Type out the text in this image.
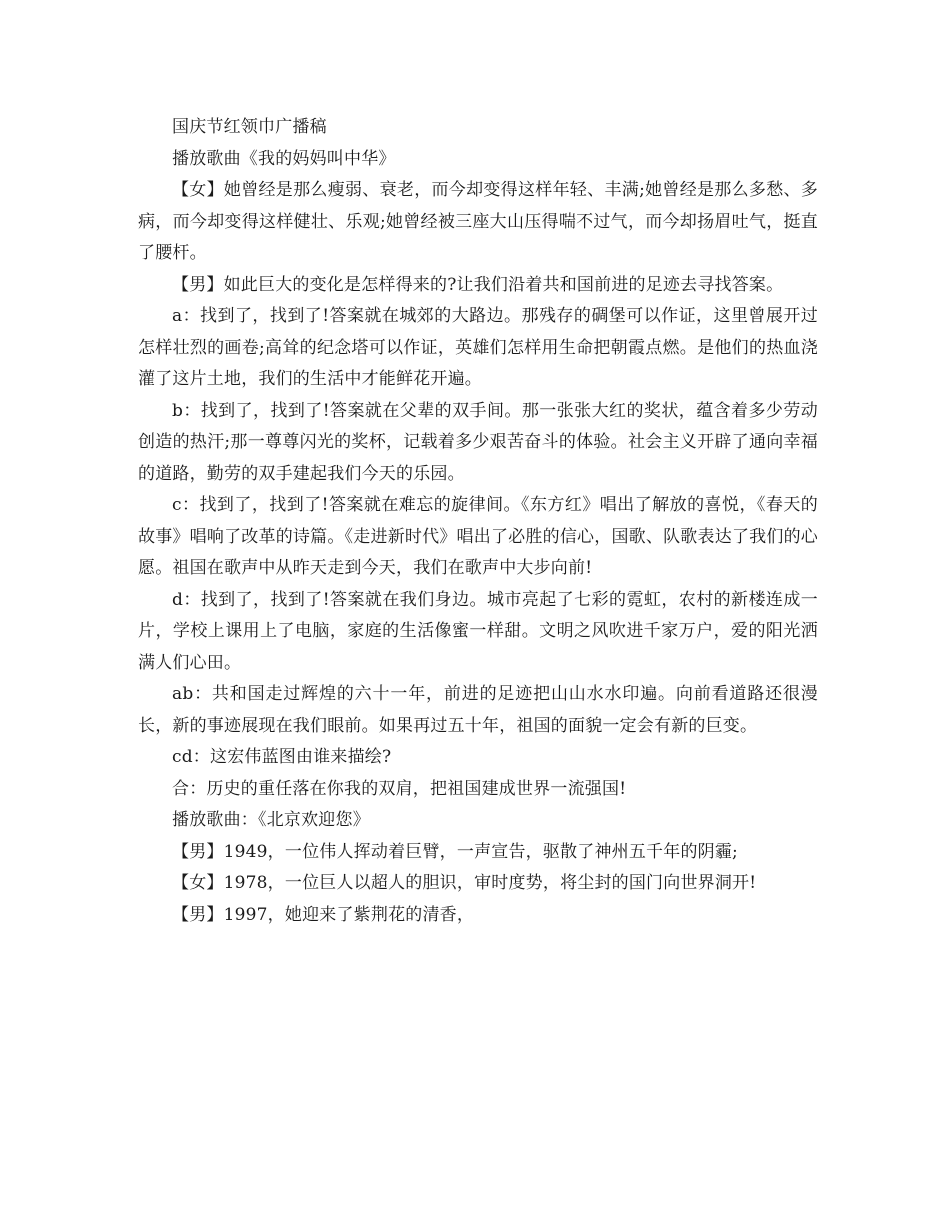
国庆节红领巾广播稿

播放歌曲《我的妈妈叫中华》

【女】她曾经是那么瘦弱、衰老，而今却变得这样年轻、丰满;她曾经是那么多愁、多病，而今却变得这样健壮、乐观;她曾经被三座大山压得喘不过气，而今却扬眉吐气，挺直了腰杆。

【男】如此巨大的变化是怎样得来的?让我们沿着共和国前进的足迹去寻找答案。

a：找到了，找到了!答案就在城郊的大路边。那残存的碉堡可以作证，这里曾展开过怎样壮烈的画卷;高耸的纪念塔可以作证，英雄们怎样用生命把朝霞点燃。是他们的热血浇灌了这片土地，我们的生活中才能鲜花开遍。

b：找到了，找到了!答案就在父辈的双手间。那一张张大红的奖状，蕴含着多少劳动创造的热汗;那一尊尊闪光的奖杯，记载着多少艰苦奋斗的体验。社会主义开辟了通向幸福的道路，勤劳的双手建起我们今天的乐园。

c：找到了，找到了!答案就在难忘的旋律间。《东方红》唱出了解放的喜悦，《春天的故事》唱响了改革的诗篇。《走进新时代》唱出了必胜的信心，国歌、队歌表达了我们的心愿。祖国在歌声中从昨天走到今天，我们在歌声中大步向前!

d：找到了，找到了!答案就在我们身边。城市亮起了七彩的霓虹，农村的新楼连成一片，学校上课用上了电脑，家庭的生活像蜜一样甜。文明之风吹进千家万户，爱的阳光洒满人们心田。

ab：共和国走过辉煌的六十一年，前进的足迹把山山水水印遍。向前看道路还很漫长，新的事迹展现在我们眼前。如果再过五十年，祖国的面貌一定会有新的巨变。

cd：这宏伟蓝图由谁来描绘?

合：历史的重任落在你我的双肩，把祖国建成世界一流强国!

播放歌曲：《北京欢迎您》

【男】1949，一位伟人挥动着巨臂，一声宣告，驱散了神州五千年的阴霾;

【女】1978，一位巨人以超人的胆识，审时度势，将尘封的国门向世界洞开!

【男】1997，她迎来了紫荆花的清香，
